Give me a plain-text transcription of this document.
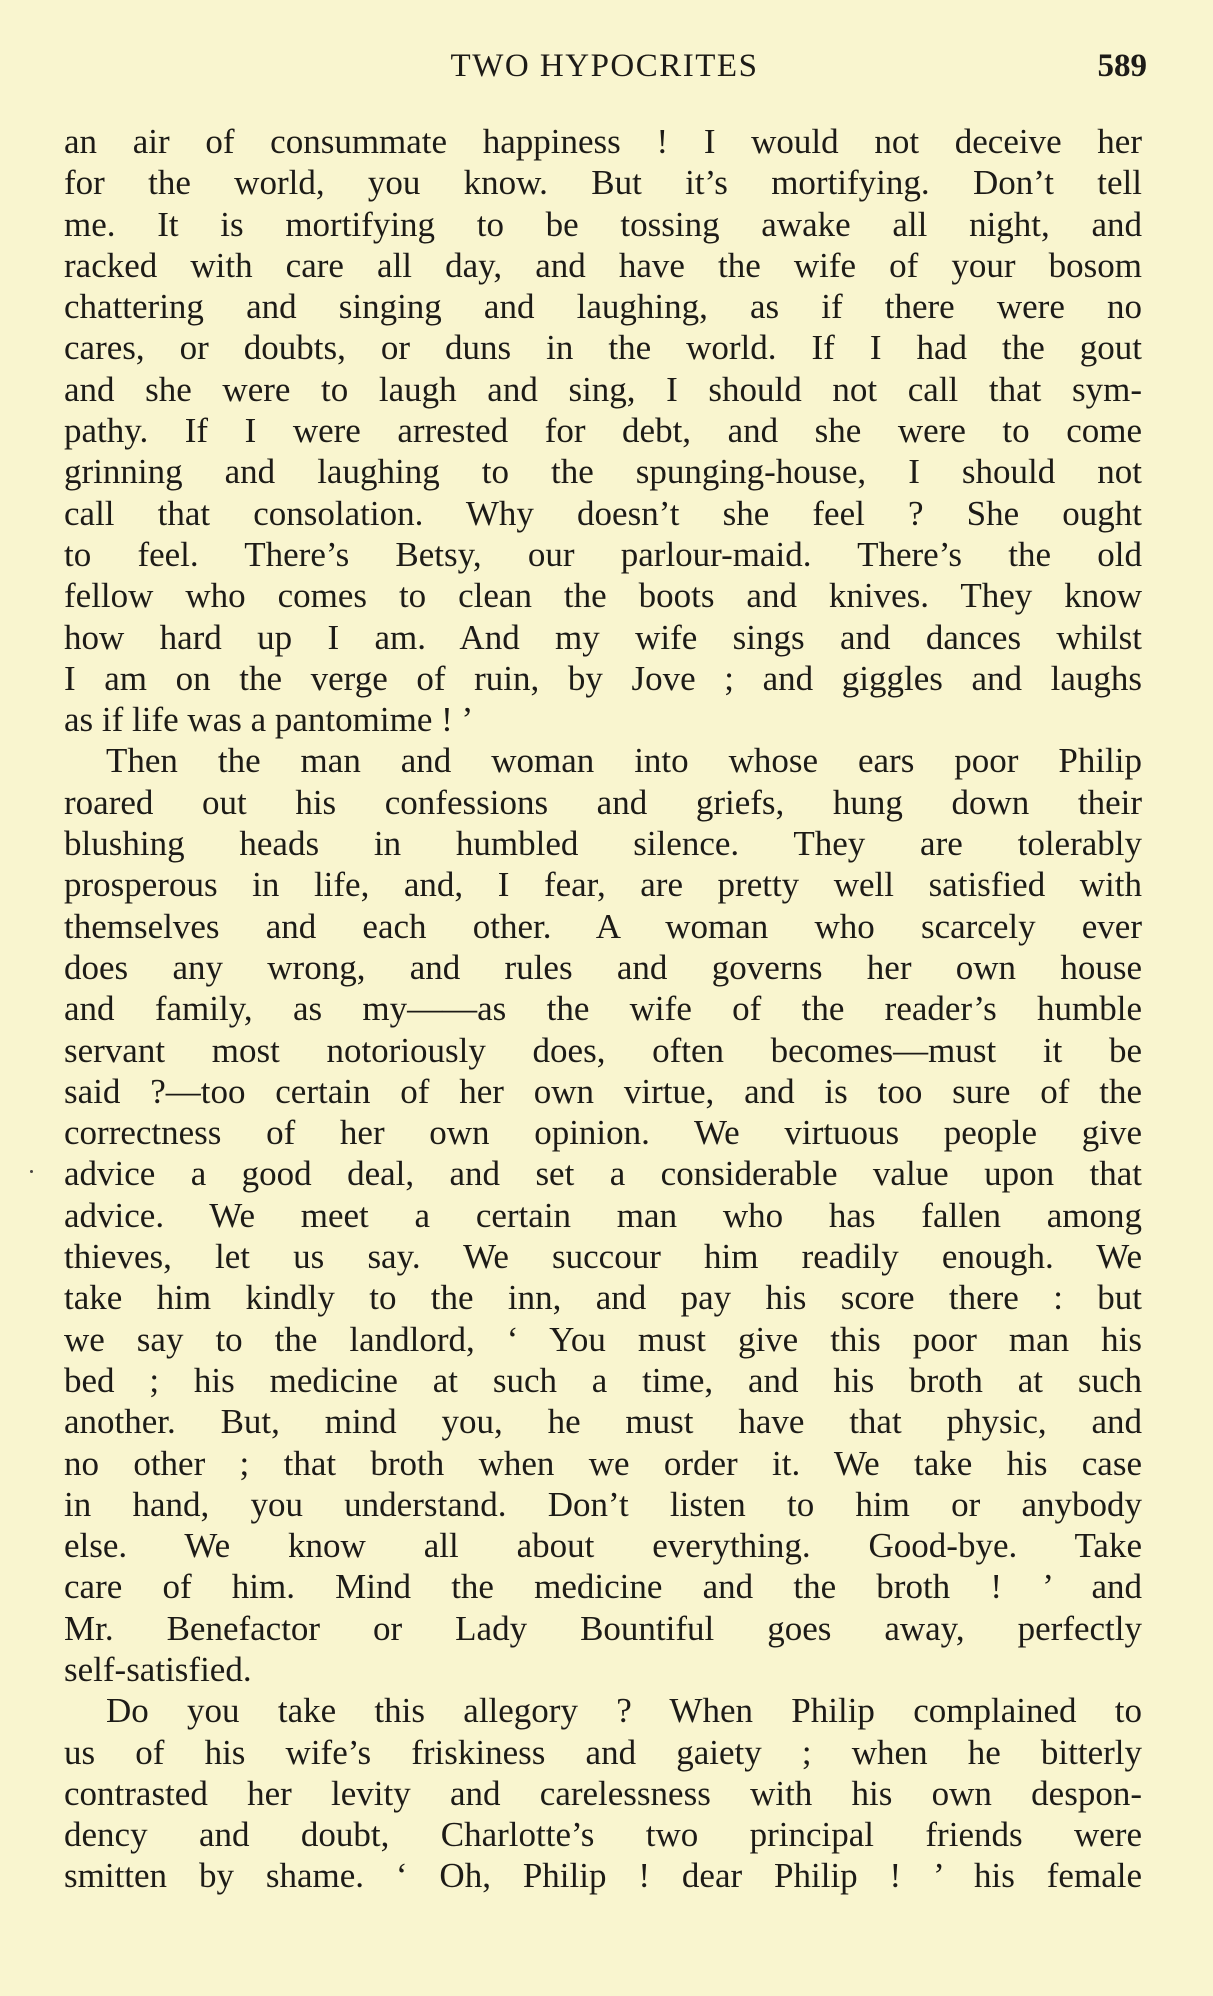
TWO HYPOCRITES	589
an air of consummate happiness ! I would not deceive her
for the world, you know. But it’s mortifying. Don’t tell
me. It is mortifying to be tossing awake all night, and
racked with care all day, and have the wife of your bosom
chattering and singing and laughing, as if there were no
cares, or doubts, or duns in the world. If I had the gout
and she were to laugh and sing, I should not call that sym-
pathy. If I were arrested for debt, and she were to come
grinning and laughing to the spunging-house, I should not
call that consolation. Why doesn’t she feel ? She ought
to feel. There’s Betsy, our parlour-maid. There’s the old
fellow who comes to clean the boots and knives. They know
how hard up I am. And my wife sings and dances whilst
I am on the verge of ruin, by Jove ; and giggles and laughs
as if life was a pantomime ! ’
Then the man and woman into whose ears poor Philip
roared out his confessions and griefs, hung down their
blushing heads in humbled silence. They are tolerably
prosperous in life, and, I fear, are pretty well satisfied with
themselves and each other. A woman who scarcely ever
does any wrong, and rules and governs her own house
and family, as my——as the wife of the reader’s humble
servant most notoriously does, often becomes—must it be
said ?—too certain of her own virtue, and is too sure of the
correctness of her own opinion. We virtuous people give
advice a good deal, and set a considerable value upon that
advice. We meet a certain man who has fallen among
thieves, let us say. We succour him readily enough. We
take him kindly to the inn, and pay his score there : but
we say to the landlord, ‘ You must give this poor man his
bed ; his medicine at such a time, and his broth at such
another. But, mind you, he must have that physic, and
no other ; that broth when we order it. We take his case
in hand, you understand. Don’t listen to him or anybody
else. We know all about everything. Good-bye. Take
care of him. Mind the medicine and the broth ! ’ and
Mr. Benefactor or Lady Bountiful goes away, perfectly
self-satisfied.
Do you take this allegory ? When Philip complained to
us of his wife’s friskiness and gaiety ; when he bitterly
contrasted her levity and carelessness with his own despon-
dency and doubt, Charlotte’s two principal friends were
smitten by shame. ‘ Oh, Philip ! dear Philip ! ’ his female
